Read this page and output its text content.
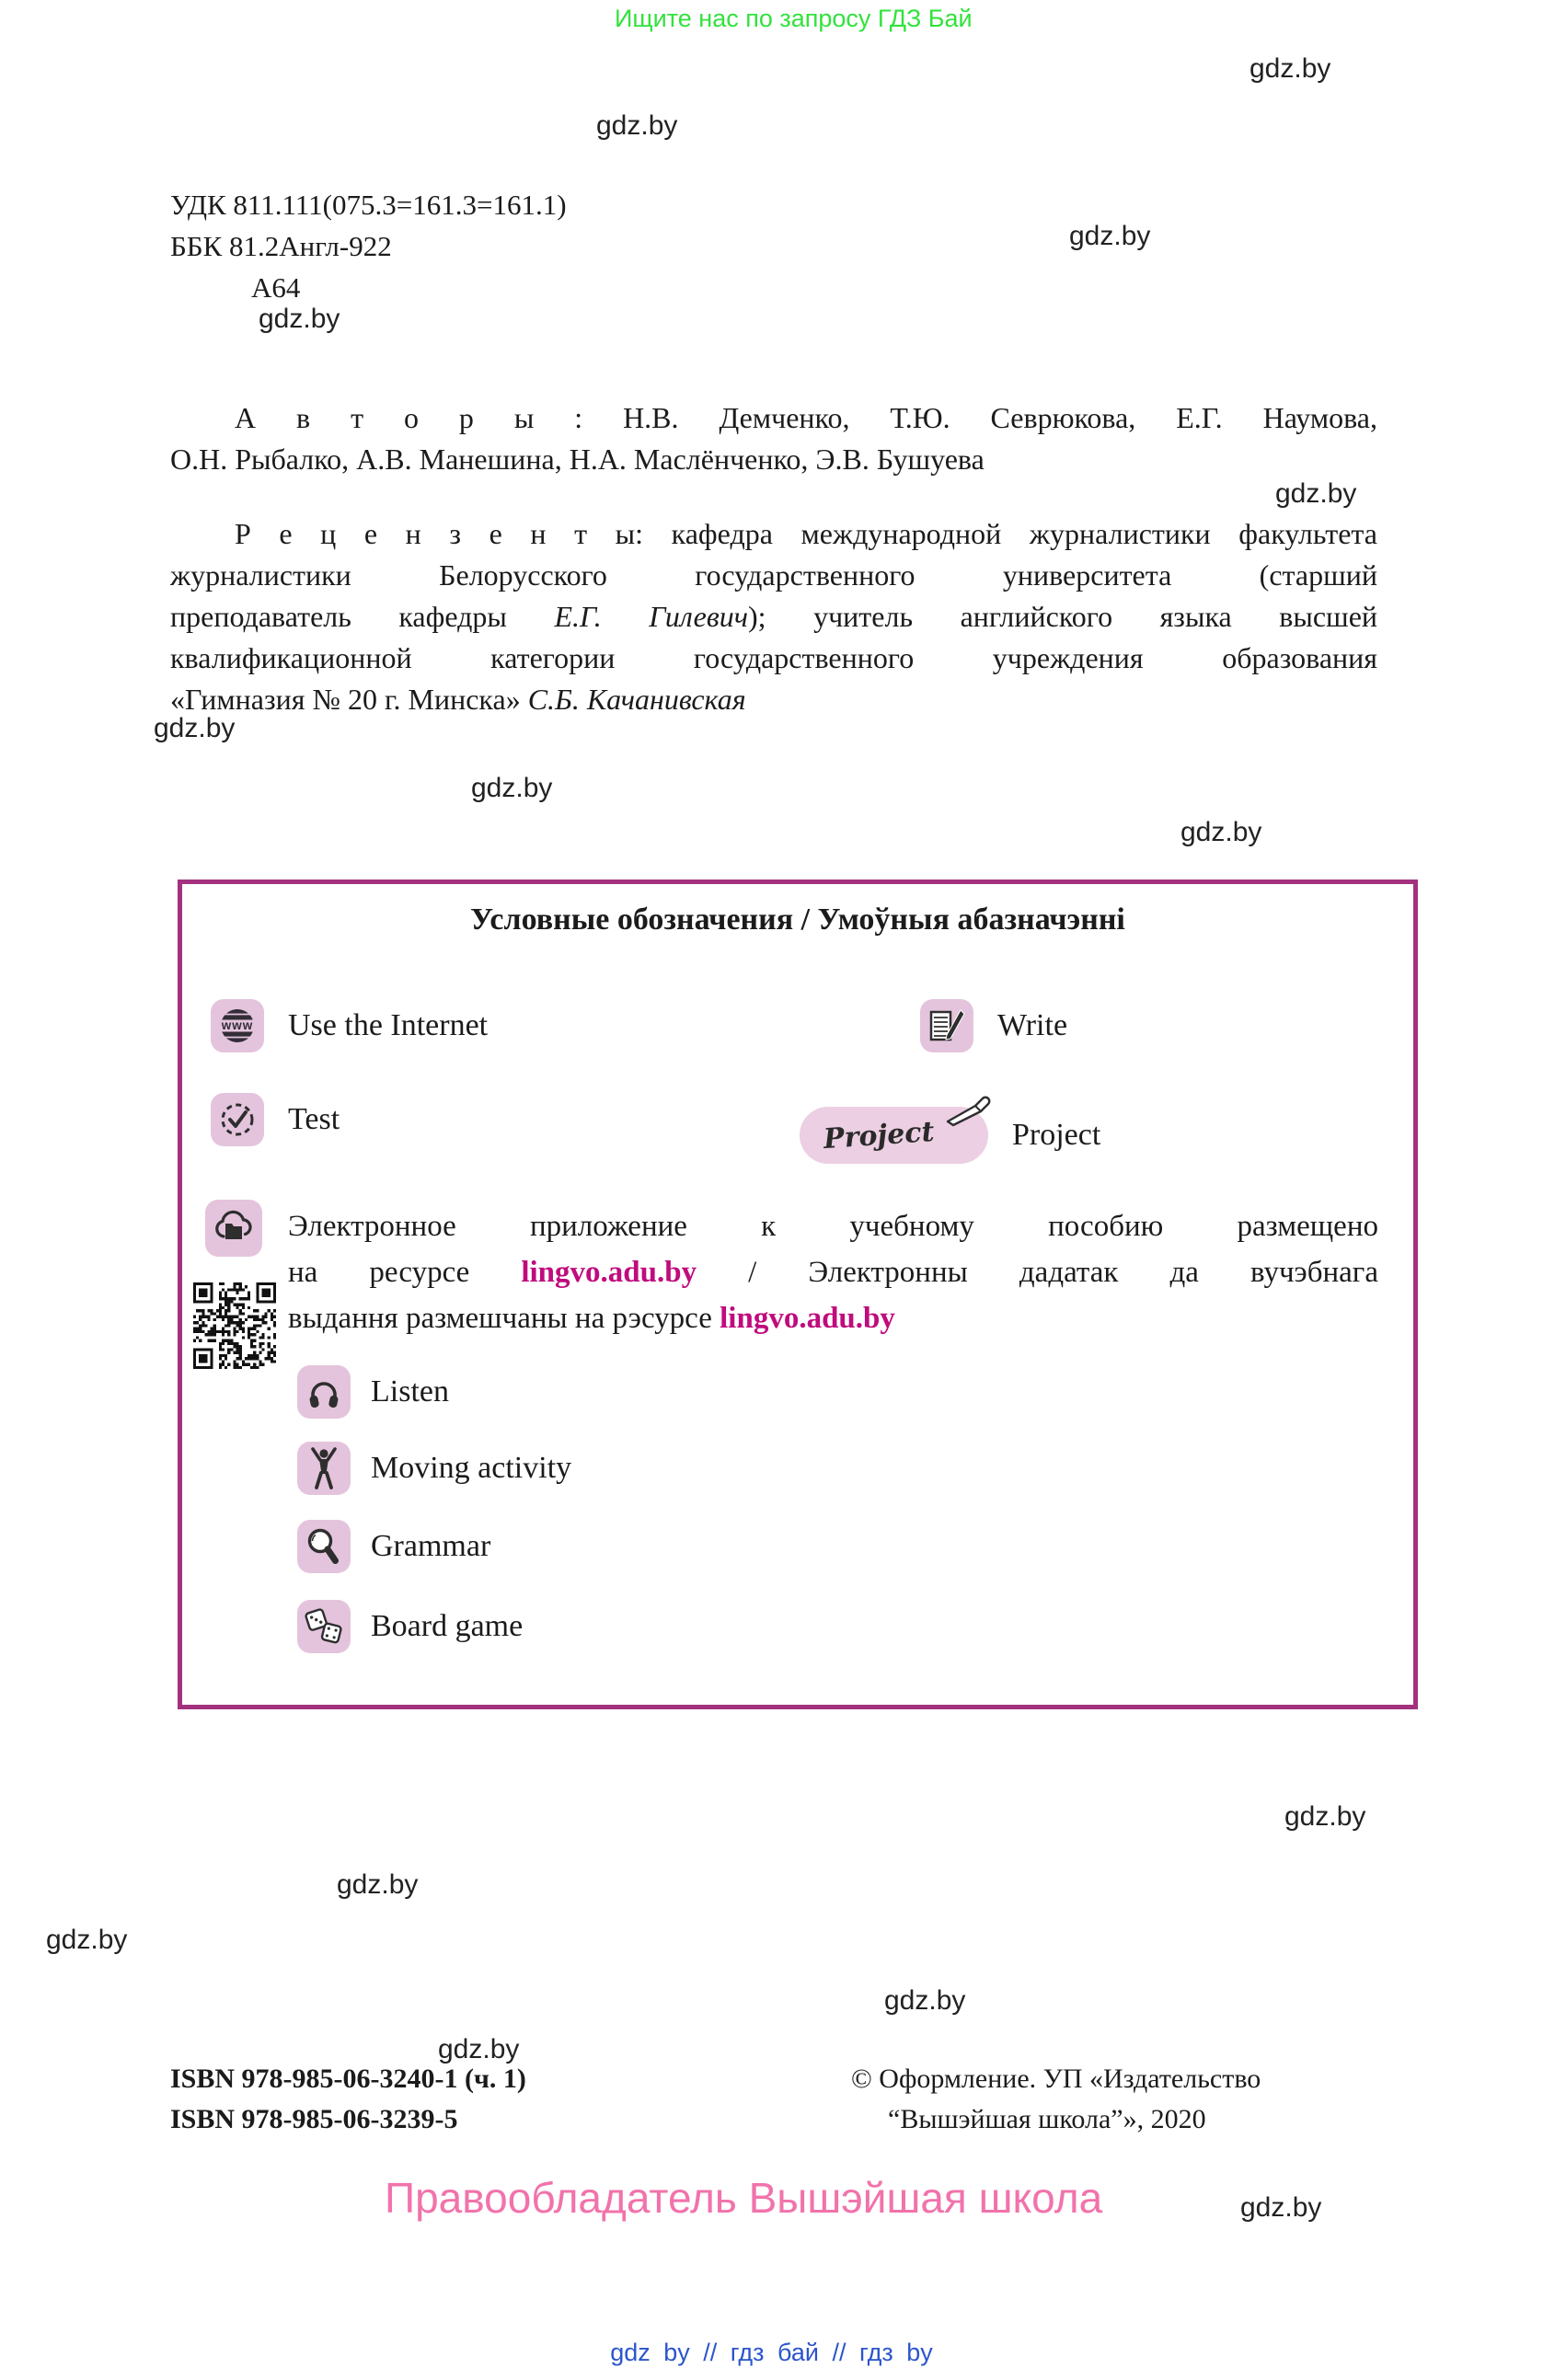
Ищите нас по запросу ГДЗ Бай
gdz.by
gdz.by
gdz.by
gdz.by
gdz.by
gdz.by
gdz.by
gdz.by
gdz.by
gdz.by
gdz.by
gdz.by
gdz.by
gdz.by
УДК 811.111(075.3=161.3=161.1)
ББК 81.2Англ-922
А64
А в т о р ы : Н.В. Демченко, Т.Ю. Севрюкова, Е.Г. Наумова,
О.Н. Рыбалко, А.В. Манешина, Н.А. Маслёнченко, Э.В. Бушуева
Р е ц е н з е н т ы: кафедра международной журналистики факультета
журналистики Белорусского государственного университета (старший
преподаватель кафедры Е.Г. Гилевич); учитель английского языка высшей
квалификационной категории государственного учреждения образования
«Гимназия № 20 г. Минска» С.Б. Качанивская
Условные обозначения / Умоўныя абазначэнні
www Use the Internet	Write
Test	Project Project
Электронное приложение к учебному пособию размещено
на ресурсе lingvo.adu.by / Электронны дадатак да вучэбнага
выдання размешчаны на рэсурсе lingvo.adu.by
Listen
Moving activity
Grammar
Board game
ISBN 978-985-06-3240-1 (ч. 1)
ISBN 978-985-06-3239-5
© Оформление. УП «Издательство
“Вышэйшая школа”», 2020
Правообладатель Вышэйшая школа
gdz by // гдз бай // гдз by
